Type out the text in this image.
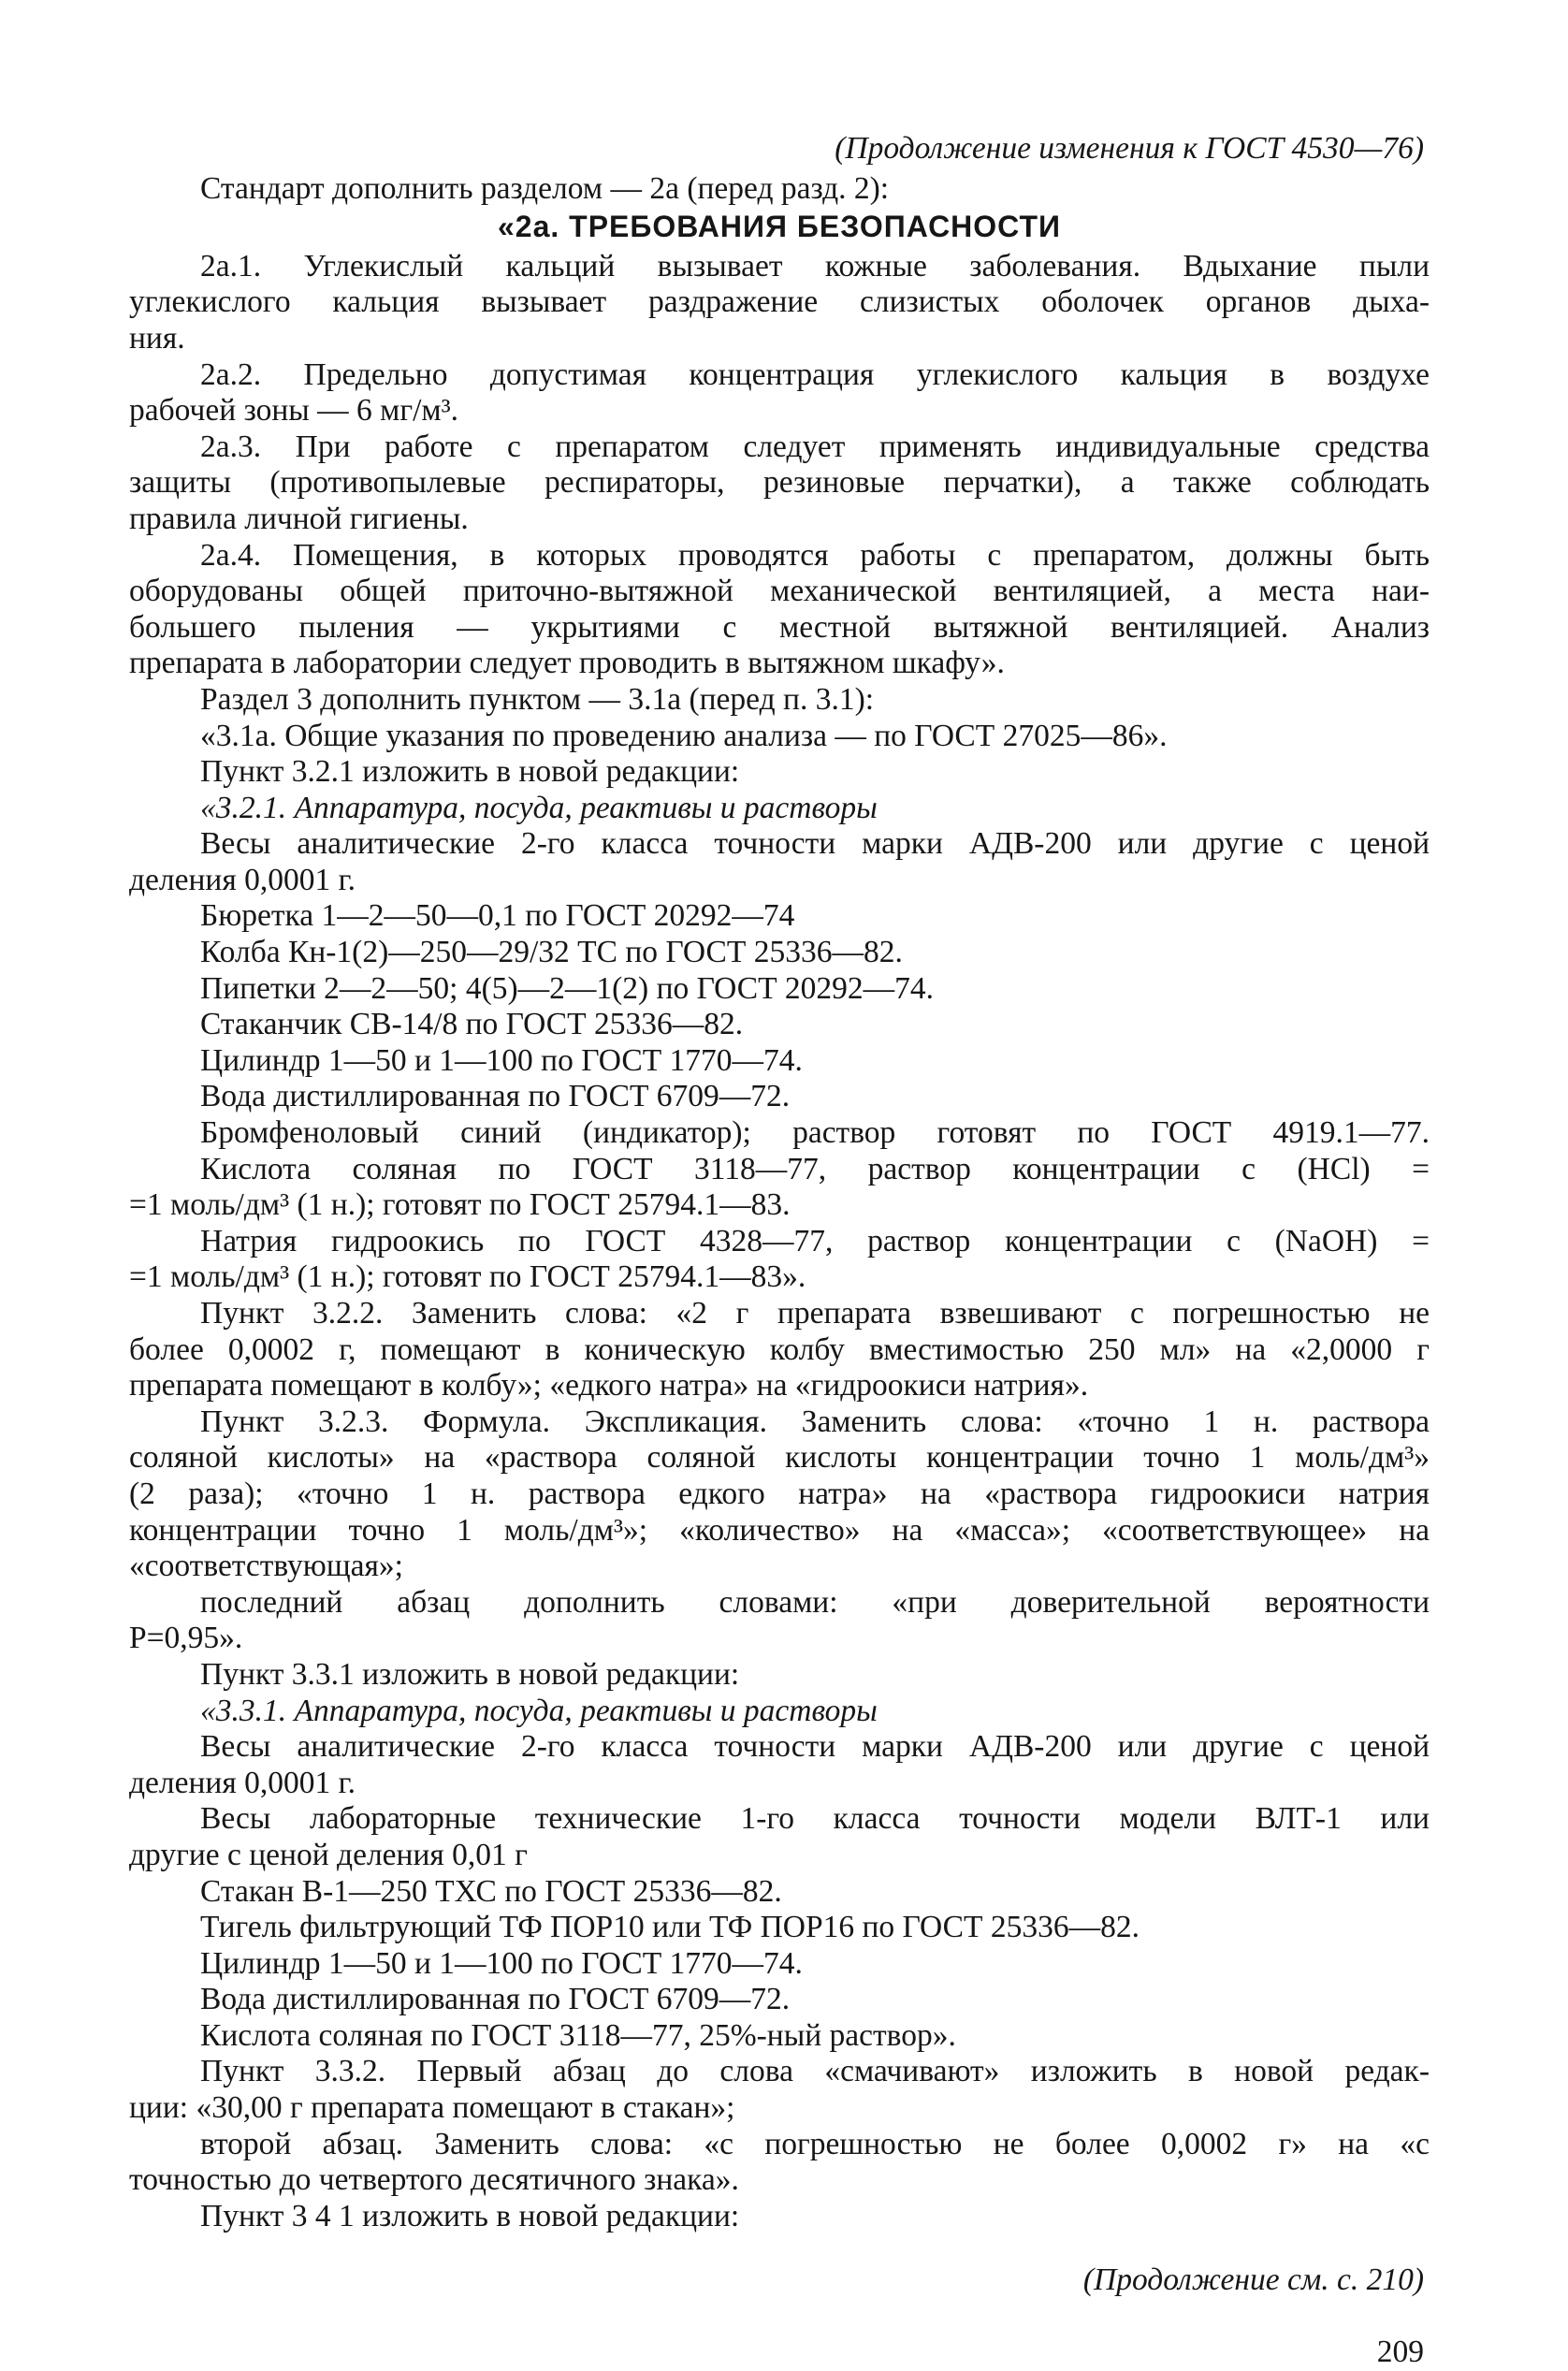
(Продолжение изменения к ГОСТ 4530—76)
Стандарт дополнить разделом — 2а (перед разд. 2):
«2а. ТРЕБОВАНИЯ БЕЗОПАСНОСТИ
2а.1. Углекислый кальций вызывает кожные заболевания. Вдыхание пыли
углекислого кальция вызывает раздражение слизистых оболочек органов дыха-
ния.
2а.2. Предельно допустимая концентрация углекислого кальция в воздухе
рабочей зоны — 6 мг/м³.
2а.3. При работе с препаратом следует применять индивидуальные средства
защиты (противопылевые респираторы, резиновые перчатки), а также соблюдать
правила личной гигиены.
2а.4. Помещения, в которых проводятся работы с препаратом, должны быть
оборудованы общей приточно-вытяжной механической вентиляцией, а места наи-
большего пыления — укрытиями с местной вытяжной вентиляцией. Анализ
препарата в лаборатории следует проводить в вытяжном шкафу».
Раздел 3 дополнить пунктом — 3.1а (перед п. 3.1):
«3.1а. Общие указания по проведению анализа — по ГОСТ 27025—86».
Пункт 3.2.1 изложить в новой редакции:
«3.2.1. Аппаратура, посуда, реактивы и растворы
Весы аналитические 2-го класса точности марки АДВ-200 или другие с ценой
деления 0,0001 г.
Бюретка 1—2—50—0,1 по ГОСТ 20292—74
Колба Кн-1(2)—250—29/32 ТС по ГОСТ 25336—82.
Пипетки 2—2—50; 4(5)—2—1(2) по ГОСТ 20292—74.
Стаканчик СВ-14/8 по ГОСТ 25336—82.
Цилиндр 1—50 и 1—100 по ГОСТ 1770—74.
Вода дистиллированная по ГОСТ 6709—72.
Бромфеноловый синий (индикатор); раствор готовят по ГОСТ 4919.1—77.
Кислота соляная по ГОСТ 3118—77, раствор концентрации с (HCl) =
=1 моль/дм³ (1 н.); готовят по ГОСТ 25794.1—83.
Натрия гидроокись по ГОСТ 4328—77, раствор концентрации с (NaOH) =
=1 моль/дм³ (1 н.); готовят по ГОСТ 25794.1—83».
Пункт 3.2.2. Заменить слова: «2 г препарата взвешивают с погрешностью не
более 0,0002 г, помещают в коническую колбу вместимостью 250 мл» на «2,0000 г
препарата помещают в колбу»; «едкого натра» на «гидроокиси натрия».
Пункт 3.2.3. Формула. Экспликация. Заменить слова: «точно 1 н. раствора
соляной кислоты» на «раствора соляной кислоты концентрации точно 1 моль/дм³»
(2 раза); «точно 1 н. раствора едкого натра» на «раствора гидроокиси натрия
концентрации точно 1 моль/дм³»; «количество» на «масса»; «соответствующее» на
«соответствующая»;
последний абзац дополнить словами: «при доверительной вероятности
P=0,95».
Пункт 3.3.1 изложить в новой редакции:
«3.3.1. Аппаратура, посуда, реактивы и растворы
Весы аналитические 2-го класса точности марки АДВ-200 или другие с ценой
деления 0,0001 г.
Весы лабораторные технические 1-го класса точности модели ВЛТ-1 или
другие с ценой деления 0,01 г
Стакан В-1—250 ТХС по ГОСТ 25336—82.
Тигель фильтрующий ТФ ПОР10 или ТФ ПОР16 по ГОСТ 25336—82.
Цилиндр 1—50 и 1—100 по ГОСТ 1770—74.
Вода дистиллированная по ГОСТ 6709—72.
Кислота соляная по ГОСТ 3118—77, 25%-ный раствор».
Пункт 3.3.2. Первый абзац до слова «смачивают» изложить в новой редак-
ции: «30,00 г препарата помещают в стакан»;
второй абзац. Заменить слова: «с погрешностью не более 0,0002 г» на «с
точностью до четвертого десятичного знака».
Пункт 3 4 1 изложить в новой редакции:
(Продолжение см. с. 210)
209
